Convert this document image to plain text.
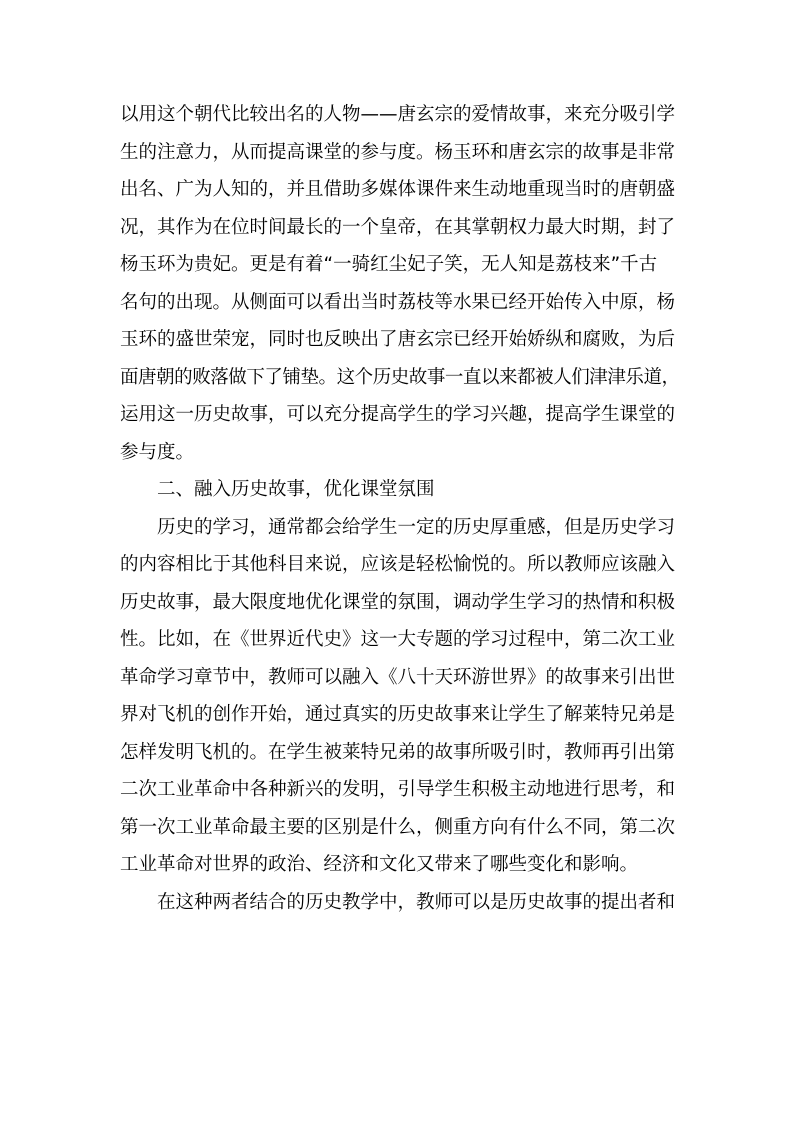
以用这个朝代比较出名的人物——唐玄宗的爱情故事，来充分吸引学
生的注意力，从而提高课堂的参与度。杨玉环和唐玄宗的故事是非常
出名、广为人知的，并且借助多媒体课件来生动地重现当时的唐朝盛
况，其作为在位时间最长的一个皇帝，在其掌朝权力最大时期，封了
杨玉环为贵妃。更是有着“一骑红尘妃子笑，无人知是荔枝来”千古
名句的出现。从侧面可以看出当时荔枝等水果已经开始传入中原，杨
玉环的盛世荣宠，同时也反映出了唐玄宗已经开始娇纵和腐败，为后
面唐朝的败落做下了铺垫。这个历史故事一直以来都被人们津津乐道，
运用这一历史故事，可以充分提高学生的学习兴趣，提高学生课堂的
参与度。
二、融入历史故事，优化课堂氛围
历史的学习，通常都会给学生一定的历史厚重感，但是历史学习
的内容相比于其他科目来说，应该是轻松愉悦的。所以教师应该融入
历史故事，最大限度地优化课堂的氛围，调动学生学习的热情和积极
性。比如，在《世界近代史》这一大专题的学习过程中，第二次工业
革命学习章节中，教师可以融入《八十天环游世界》的故事来引出世
界对飞机的创作开始，通过真实的历史故事来让学生了解莱特兄弟是
怎样发明飞机的。在学生被莱特兄弟的故事所吸引时，教师再引出第
二次工业革命中各种新兴的发明，引导学生积极主动地进行思考，和
第一次工业革命最主要的区别是什么，侧重方向有什么不同，第二次
工业革命对世界的政治、经济和文化又带来了哪些变化和影响。
在这种两者结合的历史教学中，教师可以是历史故事的提出者和
